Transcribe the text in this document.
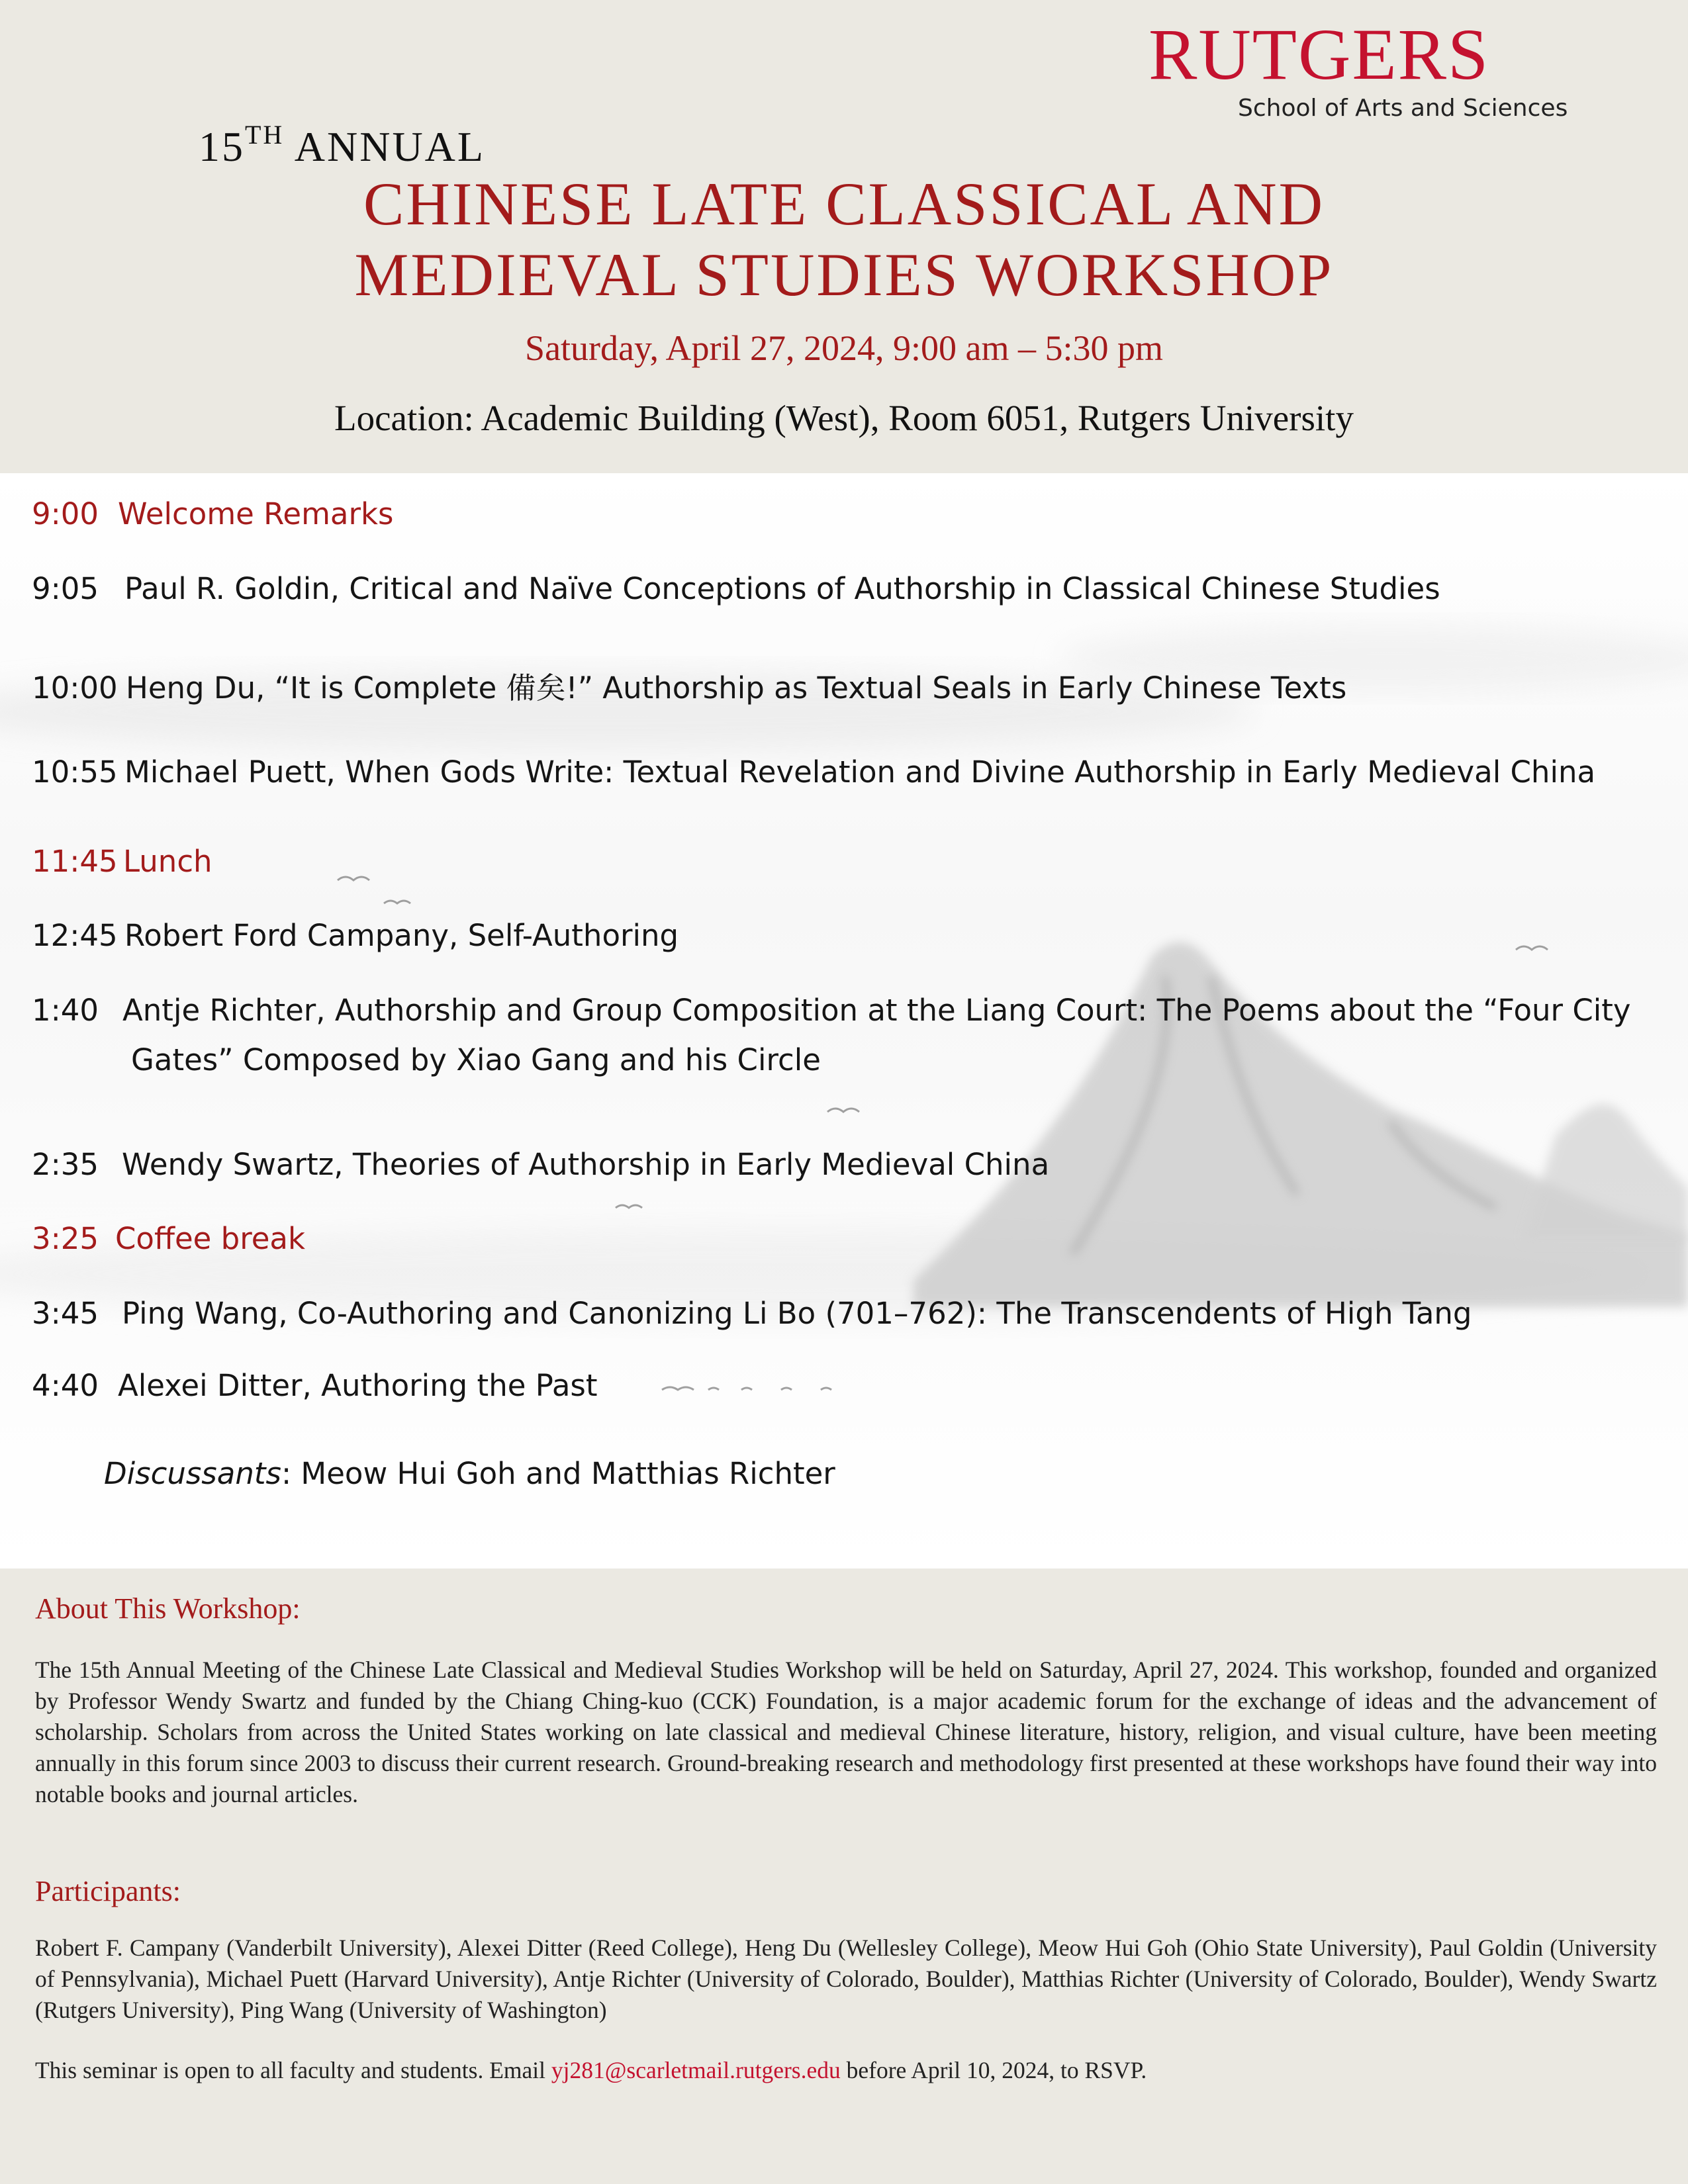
RUTGERS
School of Arts and Sciences
15TH ANNUAL
CHINESE LATE CLASSICAL AND
MEDIEVAL STUDIES WORKSHOP
Saturday, April 27, 2024, 9:00 am – 5:30 pm
Location: Academic Building (West), Room 6051, Rutgers University
9:00 Welcome Remarks
9:05 Paul R. Goldin, Critical and Naïve Conceptions of Authorship in Classical Chinese Studies
10:00 Heng Du, “It is Complete 備矣!” Authorship as Textual Seals in Early Chinese Texts
10:55 Michael Puett, When Gods Write: Textual Revelation and Divine Authorship in Early Medieval China
11:45 Lunch
12:45 Robert Ford Campany, Self-Authoring
1:40 Antje Richter, Authorship and Group Composition at the Liang Court: The Poems about the “Four City
Gates” Composed by Xiao Gang and his Circle
2:35 Wendy Swartz, Theories of Authorship in Early Medieval China
3:25 Coffee break
3:45 Ping Wang, Co-Authoring and Canonizing Li Bo (701–762): The Transcendents of High Tang
4:40 Alexei Ditter, Authoring the Past
Discussants: Meow Hui Goh and Matthias Richter
About This Workshop:
The 15th Annual Meeting of the Chinese Late Classical and Medieval Studies Workshop will be held on Saturday, April 27, 2024. This workshop, founded and organized by Professor Wendy Swartz and funded by the Chiang Ching-kuo (CCK) Foundation, is a major academic forum for the exchange of ideas and the advancement of scholarship. Scholars from across the United States working on late classical and medieval Chinese literature, history, religion, and visual culture, have been meeting annually in this forum since 2003 to discuss their current research. Ground-breaking research and methodology first presented at these workshops have found their way into notable books and journal articles.
Participants:
Robert F. Campany (Vanderbilt University), Alexei Ditter (Reed College), Heng Du (Wellesley College), Meow Hui Goh (Ohio State University), Paul Goldin (University of Pennsylvania), Michael Puett (Harvard University), Antje Richter (University of Colorado, Boulder), Matthias Richter (University of Colorado, Boulder), Wendy Swartz (Rutgers University), Ping Wang (University of Washington)
This seminar is open to all faculty and students. Email yj281@scarletmail.rutgers.edu before April 10, 2024, to RSVP.
